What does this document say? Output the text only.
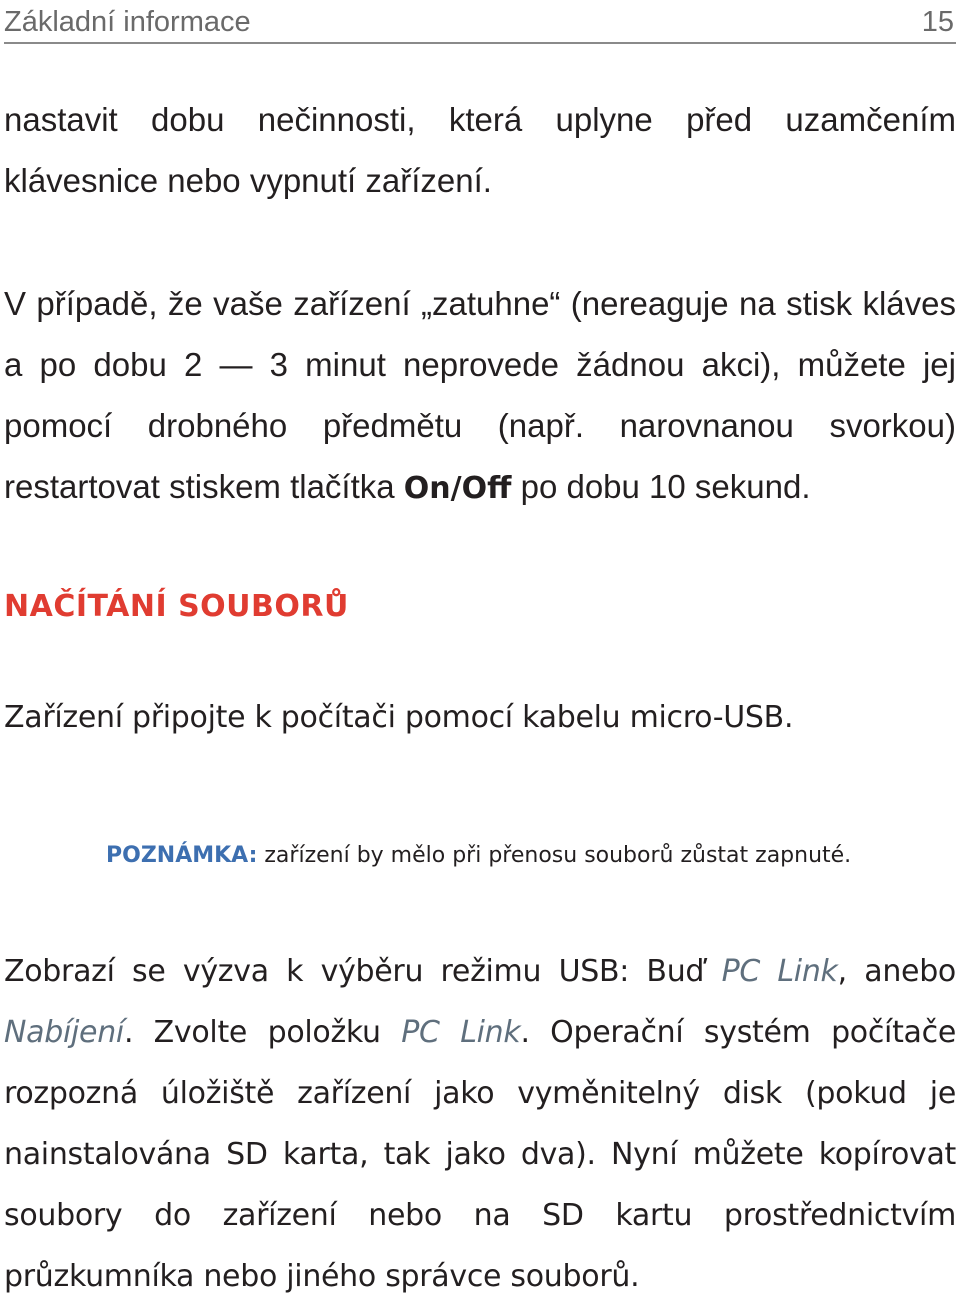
Základní informace	15

nastavit dobu nečinnosti, která uplyne před uzamčením klávesnice nebo vypnutí zařízení.

V případě, že vaše zařízení „zatuhne“ (nereaguje na stisk kláves a po dobu 2 — 3 minut neprovede žádnou akci), můžete jej pomocí drobného předmětu (např. narovnanou svorkou) restartovat stiskem tlačítka On/Off po dobu 10 sekund.

NAČÍTÁNÍ SOUBORŮ

Zařízení připojte k počítači pomocí kabelu micro-USB.

POZNÁMKA: zařízení by mělo při přenosu souborů zůstat zapnuté.

Zobrazí se výzva k výběru režimu USB: Buď PC Link, anebo Nabíjení. Zvolte položku PC Link. Operační systém počítače rozpozná úložiště zařízení jako vyměnitelný disk (pokud je nainstalována SD karta, tak jako dva). Nyní můžete kopírovat soubory do zařízení nebo na SD kartu prostřednictvím průzkumníka nebo jiného správce souborů.
